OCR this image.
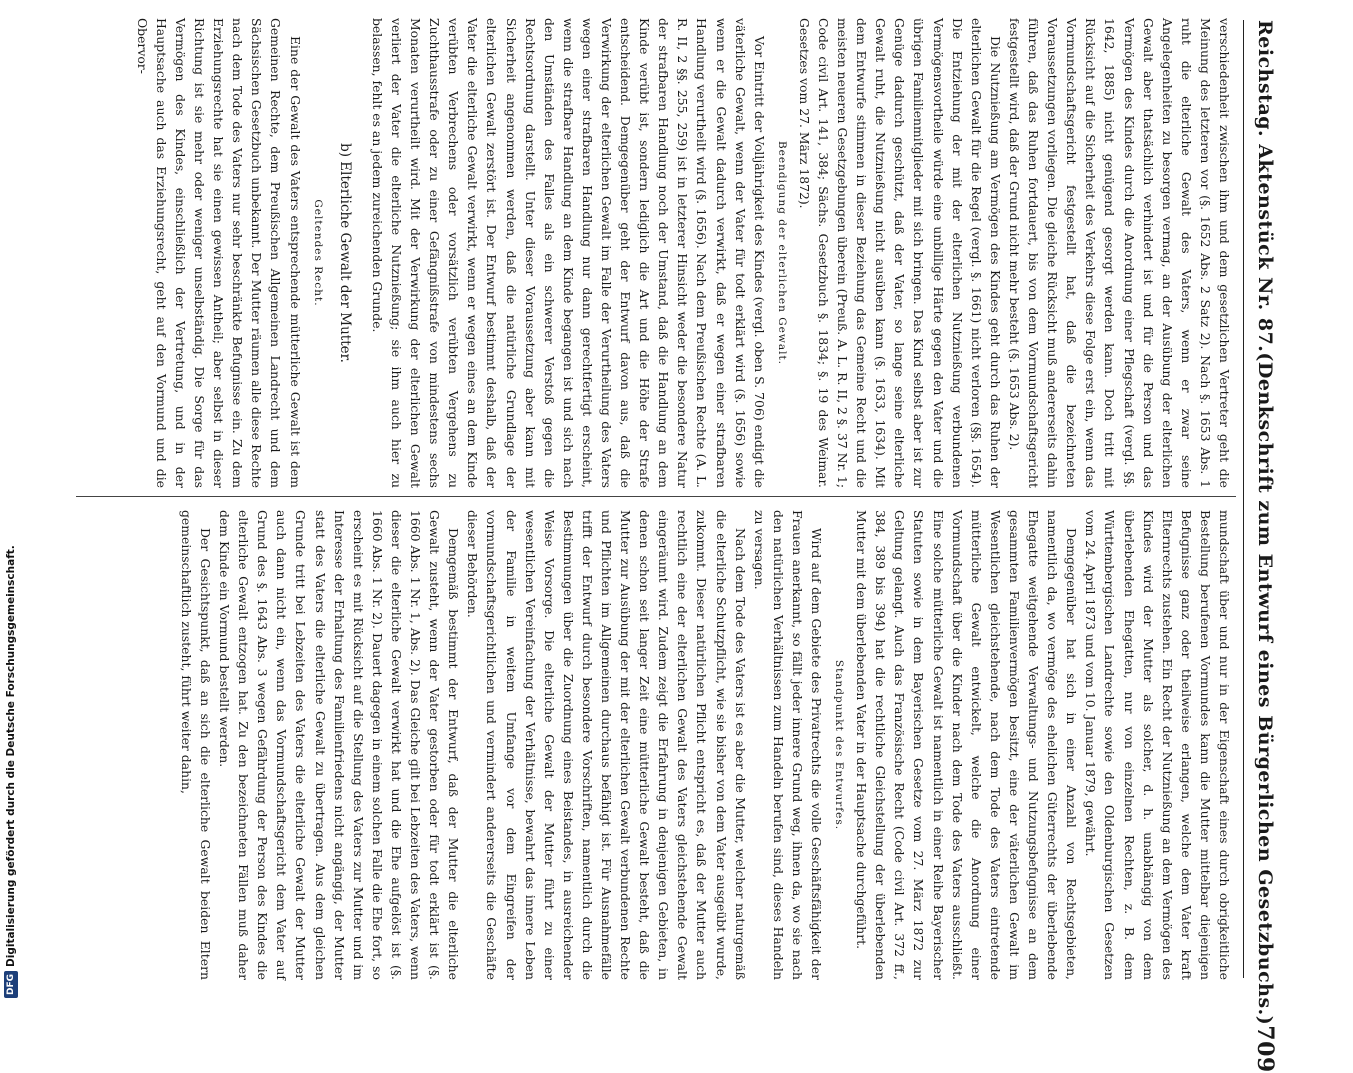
Reichstag. Aktenstück Nr. 87.
(Denkschrift zum Entwurf eines Bürgerlichen Gesetzbuchs.)
709

verschiedenheit zwischen ihm und dem gesetzlichen Vertreter geht die Meinung des letzteren vor (§. 1652 Abs. 2 Satz 2). Nach §. 1653 Abs. 1 ruht die elterliche Gewalt des Vaters, wenn er zwar seine Angelegenheiten zu besorgen vermag, an der Ausübung der elterlichen Gewalt aber thatsächlich verhindert ist und für die Person und das Vermögen des Kindes durch die Anordnung einer Pflegschaft (vergl. §§. 1642, 1885) nicht genügend gesorgt werden kann. Doch tritt mit Rücksicht auf die Sicherheit des Verkehrs diese Folge erst ein, wenn das Vormundschaftsgericht festgestellt hat, daß die bezeichneten Voraussetzungen vorliegen. Die gleiche Rücksicht muß andererseits dahin führen, daß das Ruhen fortdauert, bis von dem Vormundschaftsgericht festgestellt wird, daß der Grund nicht mehr besteht (§. 1653 Abs. 2).

Die Nutznießung am Vermögen des Kindes geht durch das Ruhen der elterlichen Gewalt für die Regel (vergl. §. 1661) nicht verloren (§§. 1654). Die Entziehung der mit der elterlichen Nutznießung verbundenen Vermögensvortheile würde eine unbillige Härte gegen den Vater und die übrigen Familienmitglieder mit sich bringen. Das Kind selbst aber ist zur Genüge dadurch geschützt, daß der Vater, so lange seine elterliche Gewalt ruht, die Nutznießung nicht ausüben kann (§. 1633, 1634). Mit dem Entwurfe stimmen in dieser Beziehung das Gemeine Recht und die meisten neueren Gesetzgebungen überein (Preuß. A. L. R. II, 2 §. 37 Nr. 1; Code civil Art. 141, 384; Sächs. Gesetzbuch §. 1834; §. 19 des Weimar. Gesetzes vom 27. März 1872).

Beendigung der elterlichen Gewalt.

Vor Eintritt der Volljährigkeit des Kindes (vergl. oben S. 706) endigt die väterliche Gewalt, wenn der Vater für todt erklärt wird (§. 1656) sowie wenn er die Gewalt dadurch verwirkt, daß er wegen einer strafbaren Handlung verurtheilt wird (§. 1656). Nach dem Preußischen Rechte (A. L. R. II, 2 §§. 255, 259) ist in letzterer Hinsicht weder die besondere Natur der strafbaren Handlung noch der Umstand, daß die Handlung an dem Kinde verübt ist, sondern lediglich die Art und die Höhe der Strafe entscheidend. Demgegenüber geht der Entwurf davon aus, daß die Verwirkung der elterlichen Gewalt im Falle der Verurtheilung des Vaters wegen einer strafbaren Handlung nur dann gerechtfertigt erscheint, wenn die strafbare Handlung an dem Kinde begangen ist und sich nach den Umständen des Falles als ein schwerer Verstoß gegen die Rechtsordnung darstellt. Unter dieser Voraussetzung aber kann mit Sicherheit angenommen werden, daß die natürliche Grundlage der elterlichen Gewalt zerstört ist. Der Entwurf bestimmt deshalb, daß der Vater die elterliche Gewalt verwirkt, wenn er wegen eines an dem Kinde verübten Verbrechens oder vorsätzlich verübten Vergehens zu Zuchthausstrafe oder zu einer Gefängnißstrafe von mindestens sechs Monaten verurtheilt wird. Mit der Verwirkung der elterlichen Gewalt verliert der Vater die elterliche Nutznießung; sie ihm auch hier zu belassen, fehlt es an jedem zureichenden Grunde.

b) Elterliche Gewalt der Mutter.
Geltendes Recht.

Eine der Gewalt des Vaters entsprechende mütterliche Gewalt ist dem Gemeinen Rechte, dem Preußischen Allgemeinen Landrecht und dem Sächsischen Gesetzbuch unbekannt. Der Mutter räumen alle diese Rechte nach dem Tode des Vaters nur sehr beschränkte Befugnisse ein. Zu dem Erziehungsrechte hat sie einen gewissen Antheil; aber selbst in dieser Richtung ist sie mehr oder weniger unselbständig. Die Sorge für das Vermögen des Kindes, einschließlich der Vertretung, und in der Hauptsache auch das Erziehungsrecht, geht auf den Vormund und die Obervor-

mundschaft über und nur in der Eigenschaft eines durch obrigkeitliche Bestellung berufenen Vormundes kann die Mutter mittelbar diejenigen Befugnisse ganz oder theilweise erlangen, welche dem Vater kraft Elternrechts zustehen. Ein Recht der Nutznießung an dem Vermögen des Kindes wird der Mutter als solcher, d. h. unabhängig von dem überlebenden Ehegatten, nur von einzelnen Rechten, z. B. dem Württembergischen Landrechte sowie den Oldenburgischen Gesetzen vom 24. April 1873 und vom 10. Januar 1879, gewährt.

Demgegenüber hat sich in einer Anzahl von Rechtsgebieten, namentlich da, wo vermöge des ehelichen Güterrechts der überlebende Ehegatte weitgehende Verwaltungs- und Nutzungsbefugnisse an dem gesammten Familienvermögen besitzt, eine der väterlichen Gewalt im Wesentlichen gleichstehende, nach dem Tode des Vaters eintretende mütterliche Gewalt entwickelt, welche die Anordnung einer Vormundschaft über die Kinder nach dem Tode des Vaters ausschließt. Eine solche mütterliche Gewalt ist namentlich in einer Reihe Bayerischer Statuten sowie in dem Bayerischen Gesetze vom 27. März 1872 zur Geltung gelangt. Auch das Französische Recht (Code civil Art. 372 ff., 384, 389 bis 394) hat die rechtliche Gleichstellung der überlebenden Mutter mit dem überlebenden Vater in der Hauptsache durchgeführt.

Standpunkt des Entwurfes.

Wird auf dem Gebiete des Privatrechts die volle Geschäftsfähigkeit der Frauen anerkannt, so fällt jeder innere Grund weg, ihnen da, wo sie nach den natürlichen Verhältnissen zum Handeln berufen sind, dieses Handeln zu versagen.

Nach dem Tode des Vaters ist es aber die Mutter, welcher naturgemäß die elterliche Schutzpflicht, wie sie bisher von dem Vater ausgeübt wurde, zukommt. Dieser natürlichen Pflicht entspricht es, daß der Mutter auch rechtlich eine der elterlichen Gewalt des Vaters gleichstehende Gewalt eingeräumt wird. Zudem zeigt die Erfahrung in denjenigen Gebieten, in denen schon seit langer Zeit eine mütterliche Gewalt besteht, daß die Mutter zur Ausübung der mit der elterlichen Gewalt verbundenen Rechte und Pflichten im Allgemeinen durchaus befähigt ist. Für Ausnahmefälle trifft der Entwurf durch besondere Vorschriften, namentlich durch die Bestimmungen über die Zuordnung eines Beistandes, in ausreichender Weise Vorsorge. Die elterliche Gewalt der Mutter führt zu einer wesentlichen Vereinfachung der Verhältnisse, bewahrt das innere Leben der Familie in weitem Umfange vor dem Eingreifen der vormundschaftsgerichtlichen und vermindert andererseits die Geschäfte dieser Behörden.

Demgemäß bestimmt der Entwurf, daß der Mutter die elterliche Gewalt zusteht, wenn der Vater gestorben oder für todt erklärt ist (§. 1660 Abs. 1 Nr. 1, Abs. 2). Das Gleiche gilt bei Lebzeiten des Vaters, wenn dieser die elterliche Gewalt verwirkt hat und die Ehe aufgelöst ist (§. 1660 Abs. 1 Nr. 2). Dauert dagegen in einem solchen Falle die Ehe fort, so erscheint es mit Rücksicht auf die Stellung des Vaters zur Mutter und im Interesse der Erhaltung des Familienfriedens nicht angängig, der Mutter statt des Vaters die elterliche Gewalt zu übertragen. Aus dem gleichen Grunde tritt bei Lebzeiten des Vaters die elterliche Gewalt der Mutter auch dann nicht ein, wenn das Vormundschaftsgericht dem Vater auf Grund des §. 1643 Abs. 3 wegen Gefährdung der Person des Kindes die elterliche Gewalt entzogen hat. Zu den bezeichneten Fällen muß daher dem Kinde ein Vormund bestellt werden.

Der Gesichtspunkt, daß an sich die elterliche Gewalt beiden Eltern gemeinschaftlich zusteht, führt weiter dahin,

DFG
Digitalisierung gefördert durch die Deutsche Forschungsgemeinschaft.
